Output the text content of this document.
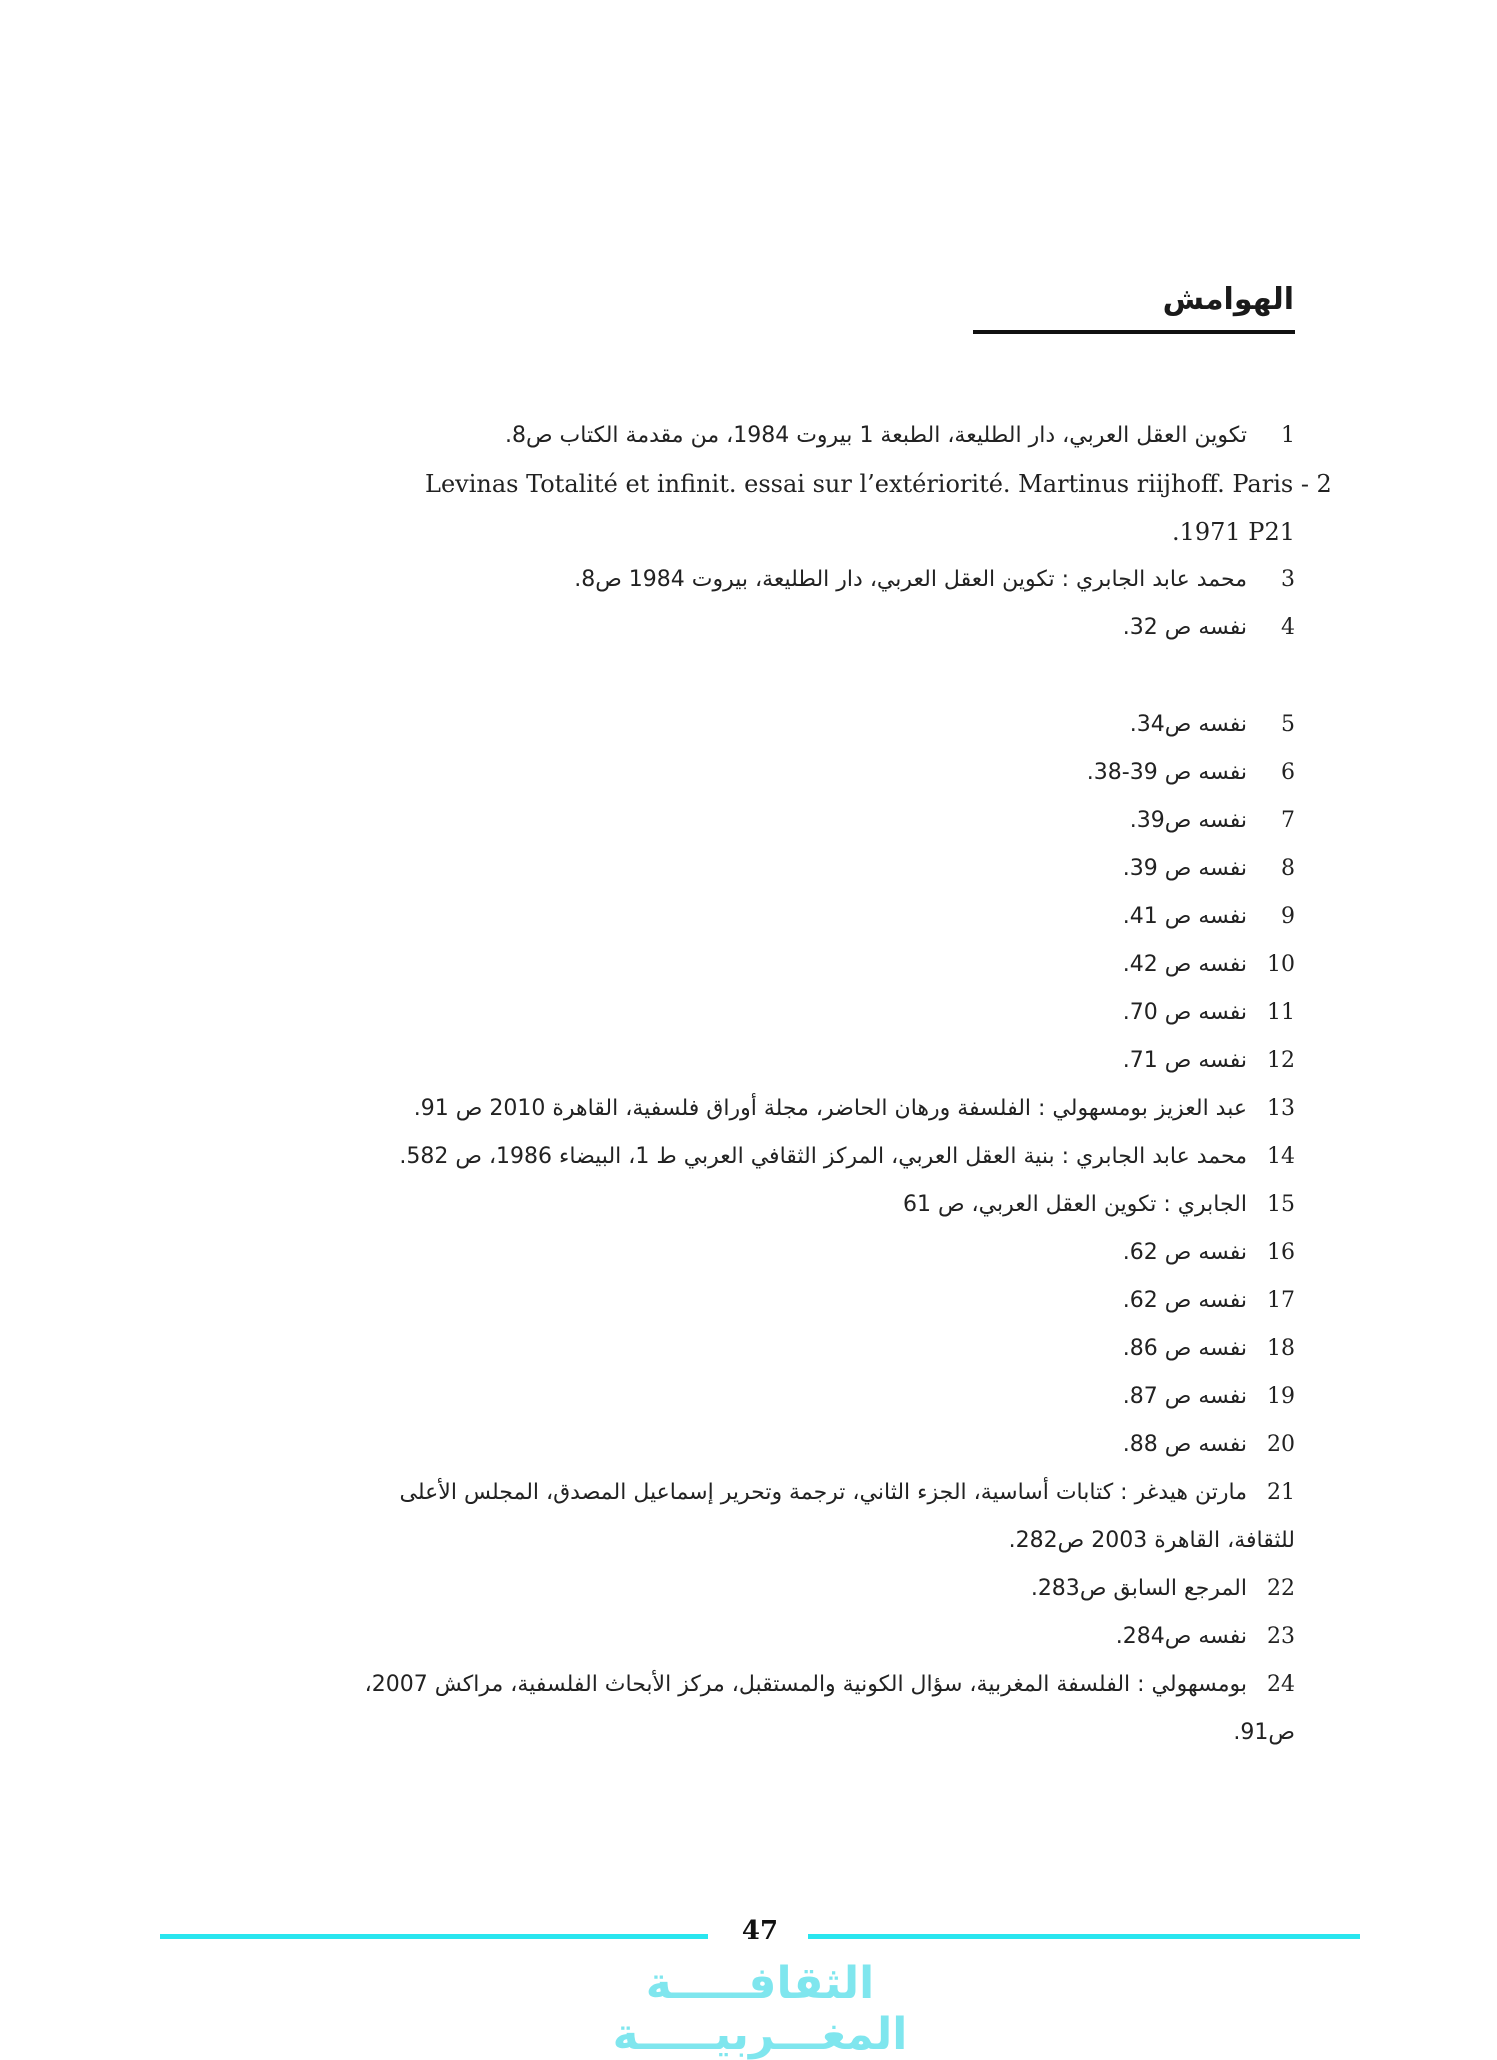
الهوامش
1تكوين العقل العربي، دار الطليعة، الطبعة 1 بيروت 1984، من مقدمة الكتاب ص8.
Levinas Totalité et infinit. essai sur l’extériorité. Martinus riijhoff. Paris - 2
.1971 P21
3محمد عابد الجابري : تكوين العقل العربي، دار الطليعة، بيروت 1984 ص8.
4نفسه ص 32.
5نفسه ص34.
6نفسه ص 39-38.
7نفسه ص39.
8نفسه ص 39.
9نفسه ص 41.
10نفسه ص 42.
11نفسه ص 70.
12نفسه ص 71.
13عبد العزيز بومسهولي : الفلسفة ورهان الحاضر، مجلة أوراق فلسفية، القاهرة 2010 ص 91.
14محمد عابد الجابري : بنية العقل العربي، المركز الثقافي العربي ط 1، البيضاء 1986، ص 582.
15الجابري : تكوين العقل العربي، ص 61
16نفسه ص 62.
17نفسه ص 62.
18نفسه ص 86.
19نفسه ص 87.
20نفسه ص 88.
21مارتن هيدغر : كتابات أساسية، الجزء الثاني، ترجمة وتحرير إسماعيل المصدق، المجلس الأعلى
للثقافة، القاهرة 2003 ص282.
22المرجع السابق ص283.
23نفسه ص284.
24بومسهولي : الفلسفة المغربية، سؤال الكونية والمستقبل، مركز الأبحاث الفلسفية، مراكش 2007،
ص91.
47
الثقافـــــة المغـــربيـــــة
